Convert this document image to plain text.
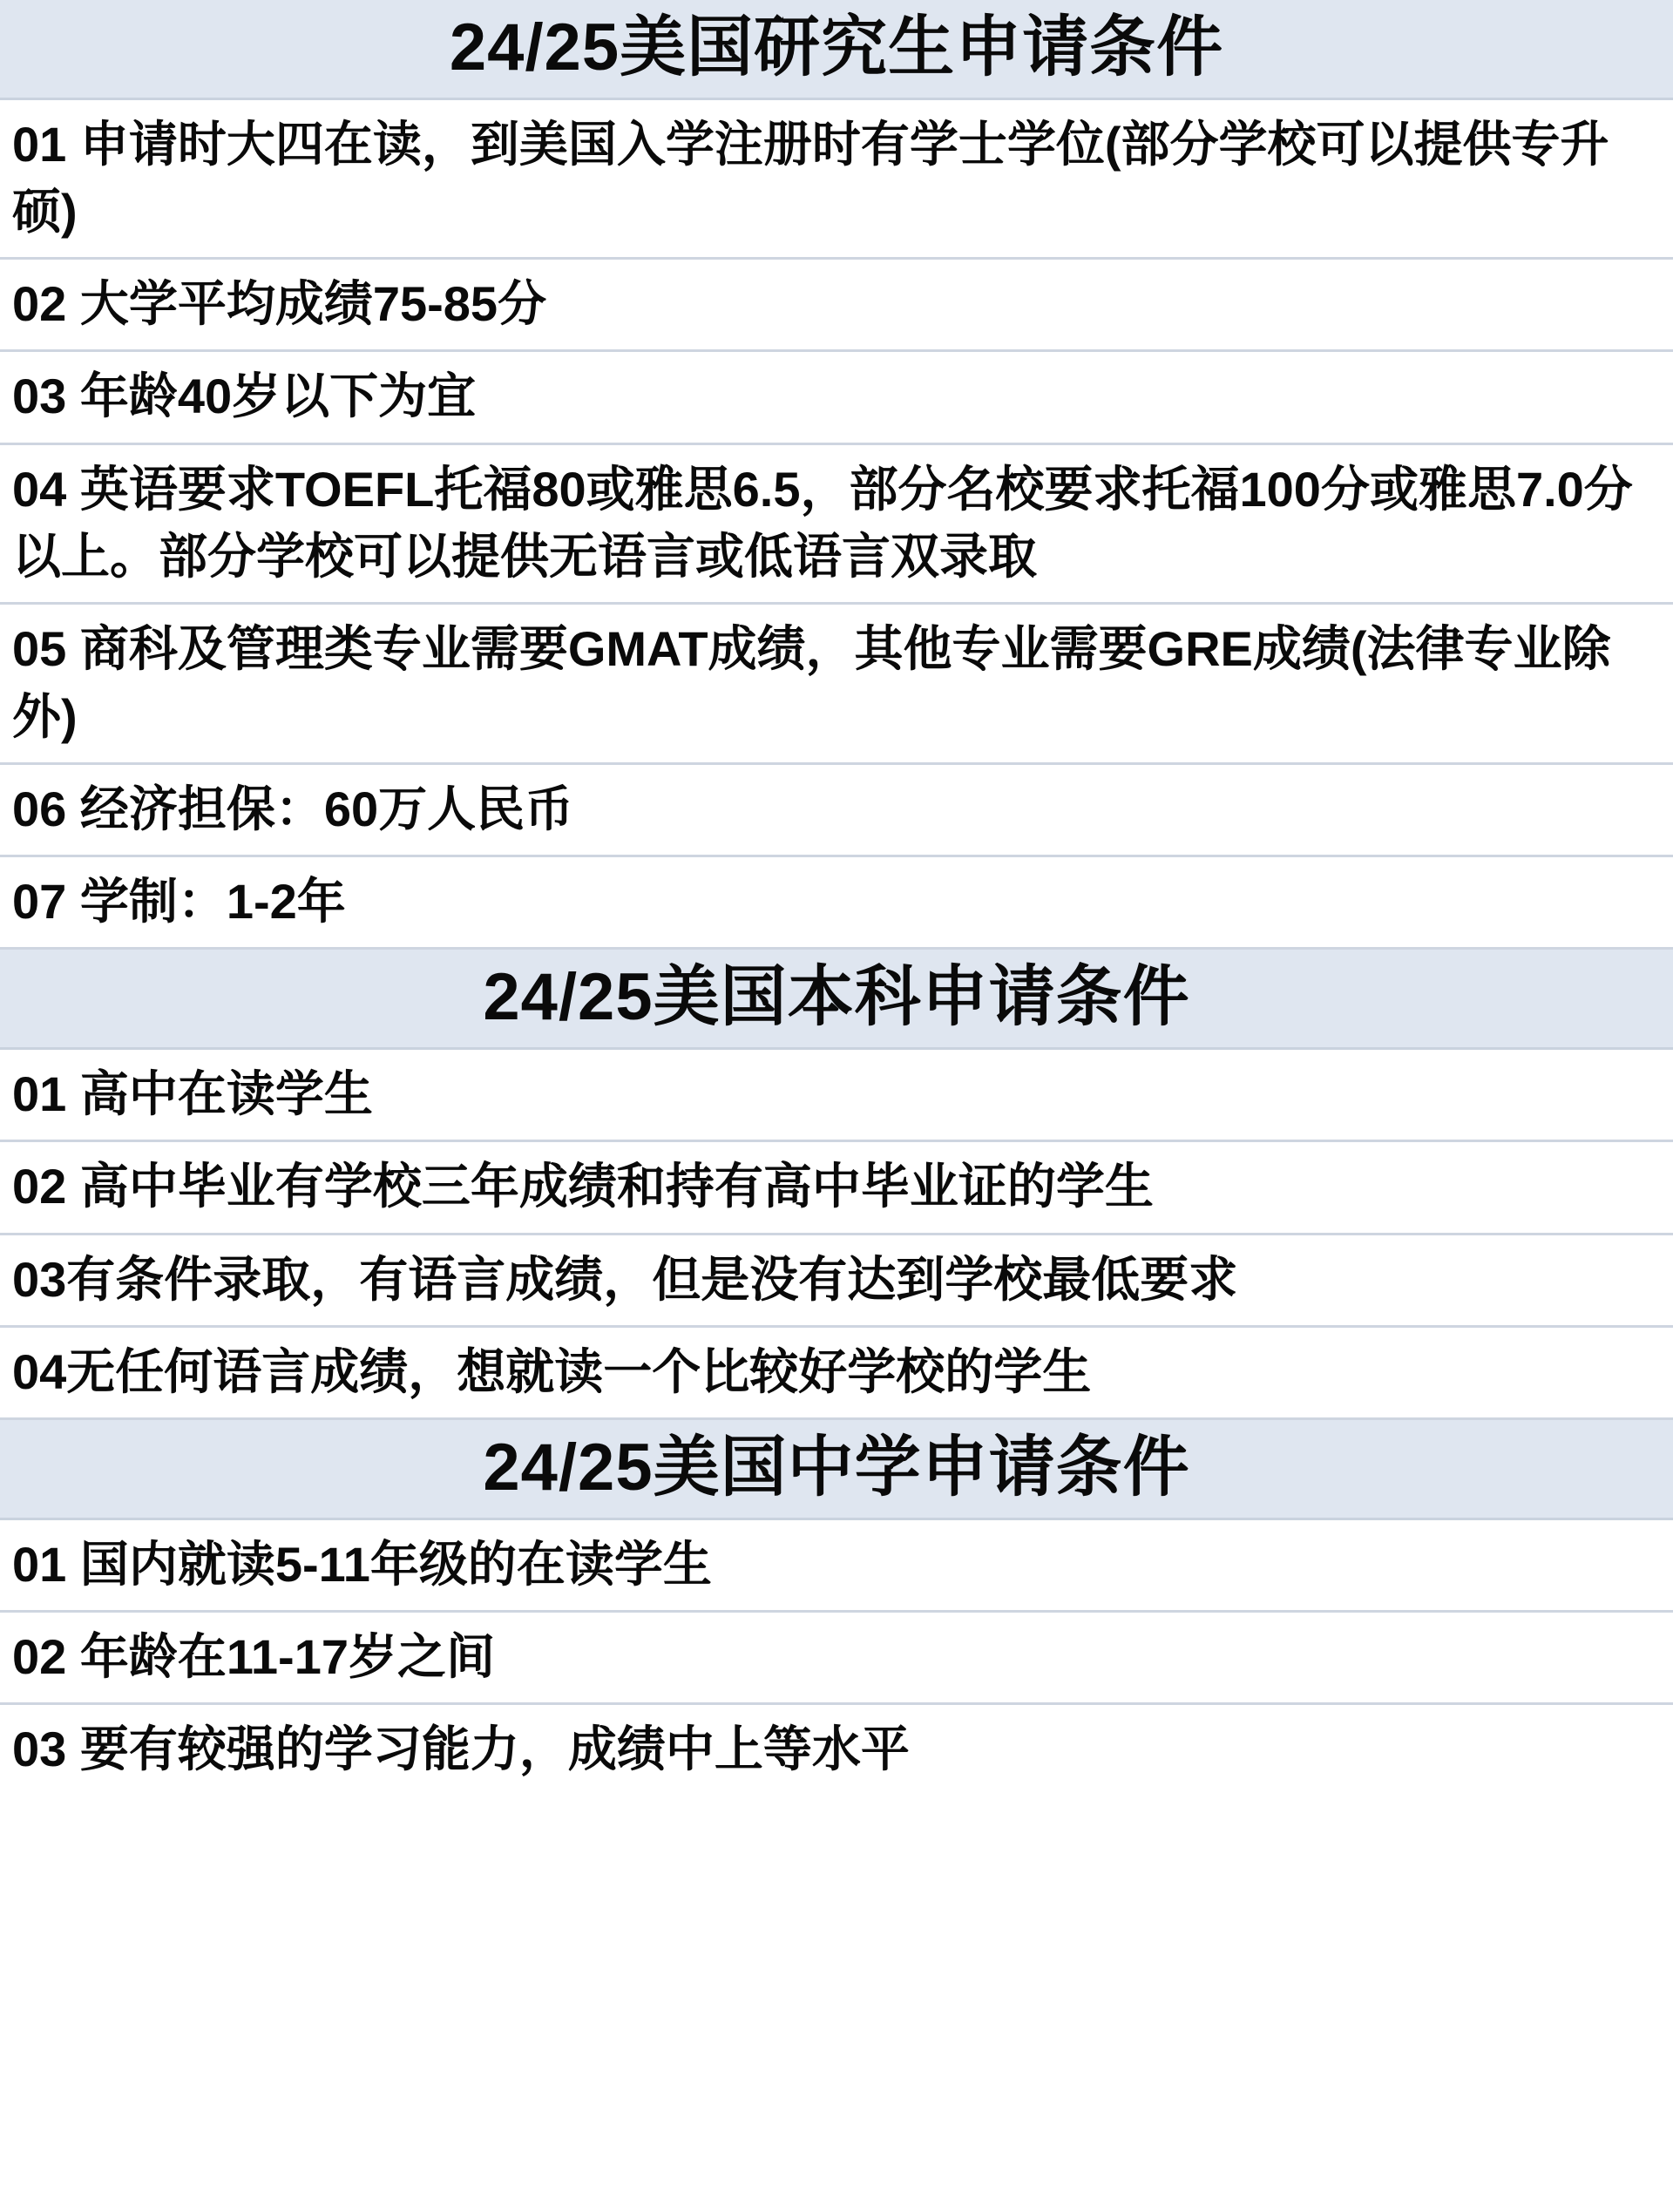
24/25美国研究生申请条件
01 申请时大四在读，到美国入学注册时有学士学位(部分学校可以提供专升硕)
02 大学平均成绩75-85分
03 年龄40岁以下为宜
04 英语要求TOEFL托福80或雅思6.5，部分名校要求托福100分或雅思7.0分以上。部分学校可以提供无语言或低语言双录取
05 商科及管理类专业需要GMAT成绩，其他专业需要GRE成绩(法律专业除外)
06 经济担保：60万人民币
07 学制：1-2年
24/25美国本科申请条件
01 高中在读学生
02 高中毕业有学校三年成绩和持有高中毕业证的学生
03有条件录取，有语言成绩，但是没有达到学校最低要求
04无任何语言成绩，想就读一个比较好学校的学生
24/25美国中学申请条件
01 国内就读5-11年级的在读学生
02 年龄在11-17岁之间
03 要有较强的学习能力，成绩中上等水平
